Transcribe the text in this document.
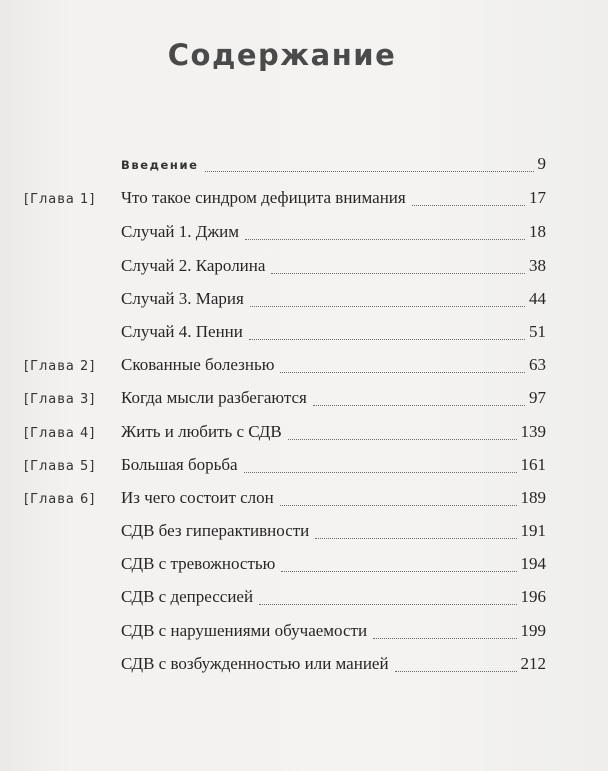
Содержание
Введение	9
[Глава 1] Что такое синдром дефицита внимания	17
Случай 1. Джим	18
Случай 2. Каролина	38
Случай 3. Мария	44
Случай 4. Пенни	51
[Глава 2] Скованные болезнью	63
[Глава 3] Когда мысли разбегаются	97
[Глава 4] Жить и любить с СДВ	139
[Глава 5] Большая борьба	161
[Глава 6] Из чего состоит слон	189
СДВ без гиперактивности	191
СДВ с тревожностью	194
СДВ с депрессией	196
СДВ с нарушениями обучаемости	199
СДВ с возбужденностью или манией	212
